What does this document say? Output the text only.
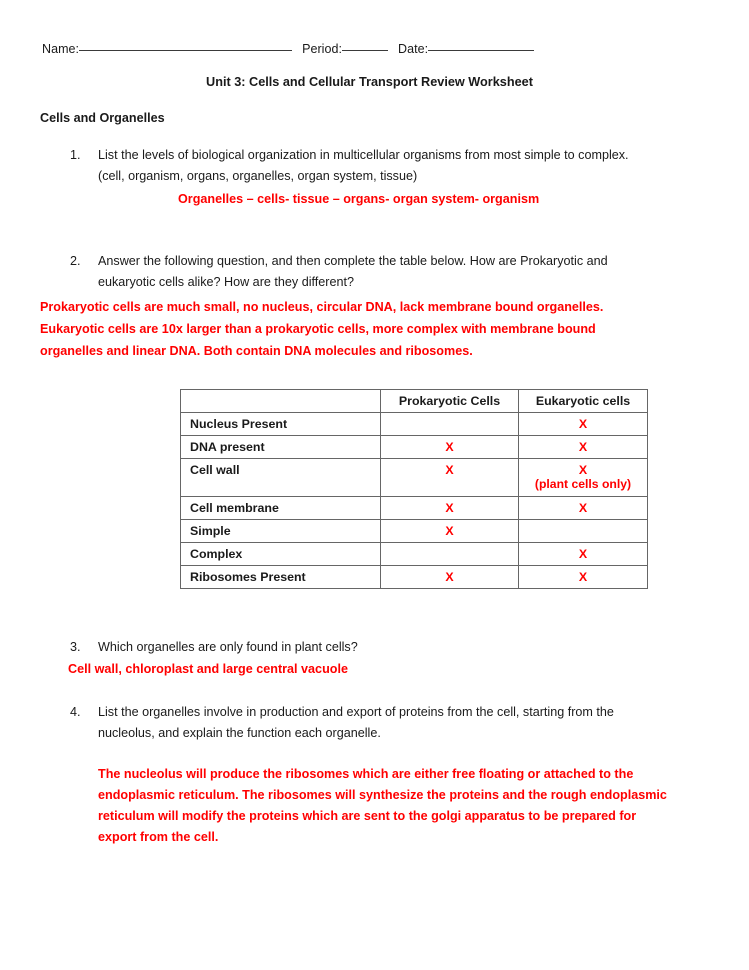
Name:	Period:	Date:
Unit 3: Cells and Cellular Transport Review Worksheet
Cells and Organelles
1.	List the levels of biological organization in multicellular organisms from most simple to complex.
(cell, organism, organs, organelles, organ system, tissue)
Organelles – cells- tissue – organs- organ system- organism
2.	Answer the following question, and then complete the table below. How are Prokaryotic and
eukaryotic cells alike? How are they different?
Prokaryotic cells are much small, no nucleus, circular DNA, lack membrane bound organelles. Eukaryotic cells are 10x larger than a prokaryotic cells, more complex with membrane bound organelles and linear DNA. Both contain DNA molecules and ribosomes.
	Prokaryotic Cells	Eukaryotic cells
Nucleus Present		X
DNA present	X	X
Cell wall	X	X
(plant cells only)

Cell membrane	X	X
Simple	X	
Complex		X
Ribosomes Present	X	X
3.	Which organelles are only found in plant cells?
Cell wall, chloroplast and large central vacuole
4.	List the organelles involve in production and export of proteins from the cell, starting from the
nucleolus, and explain the function each organelle.
The nucleolus will produce the ribosomes which are either free floating or attached to the endoplasmic reticulum. The ribosomes will synthesize the proteins and the rough endoplasmic reticulum will modify the proteins which are sent to the golgi apparatus to be prepared for export from the cell.
